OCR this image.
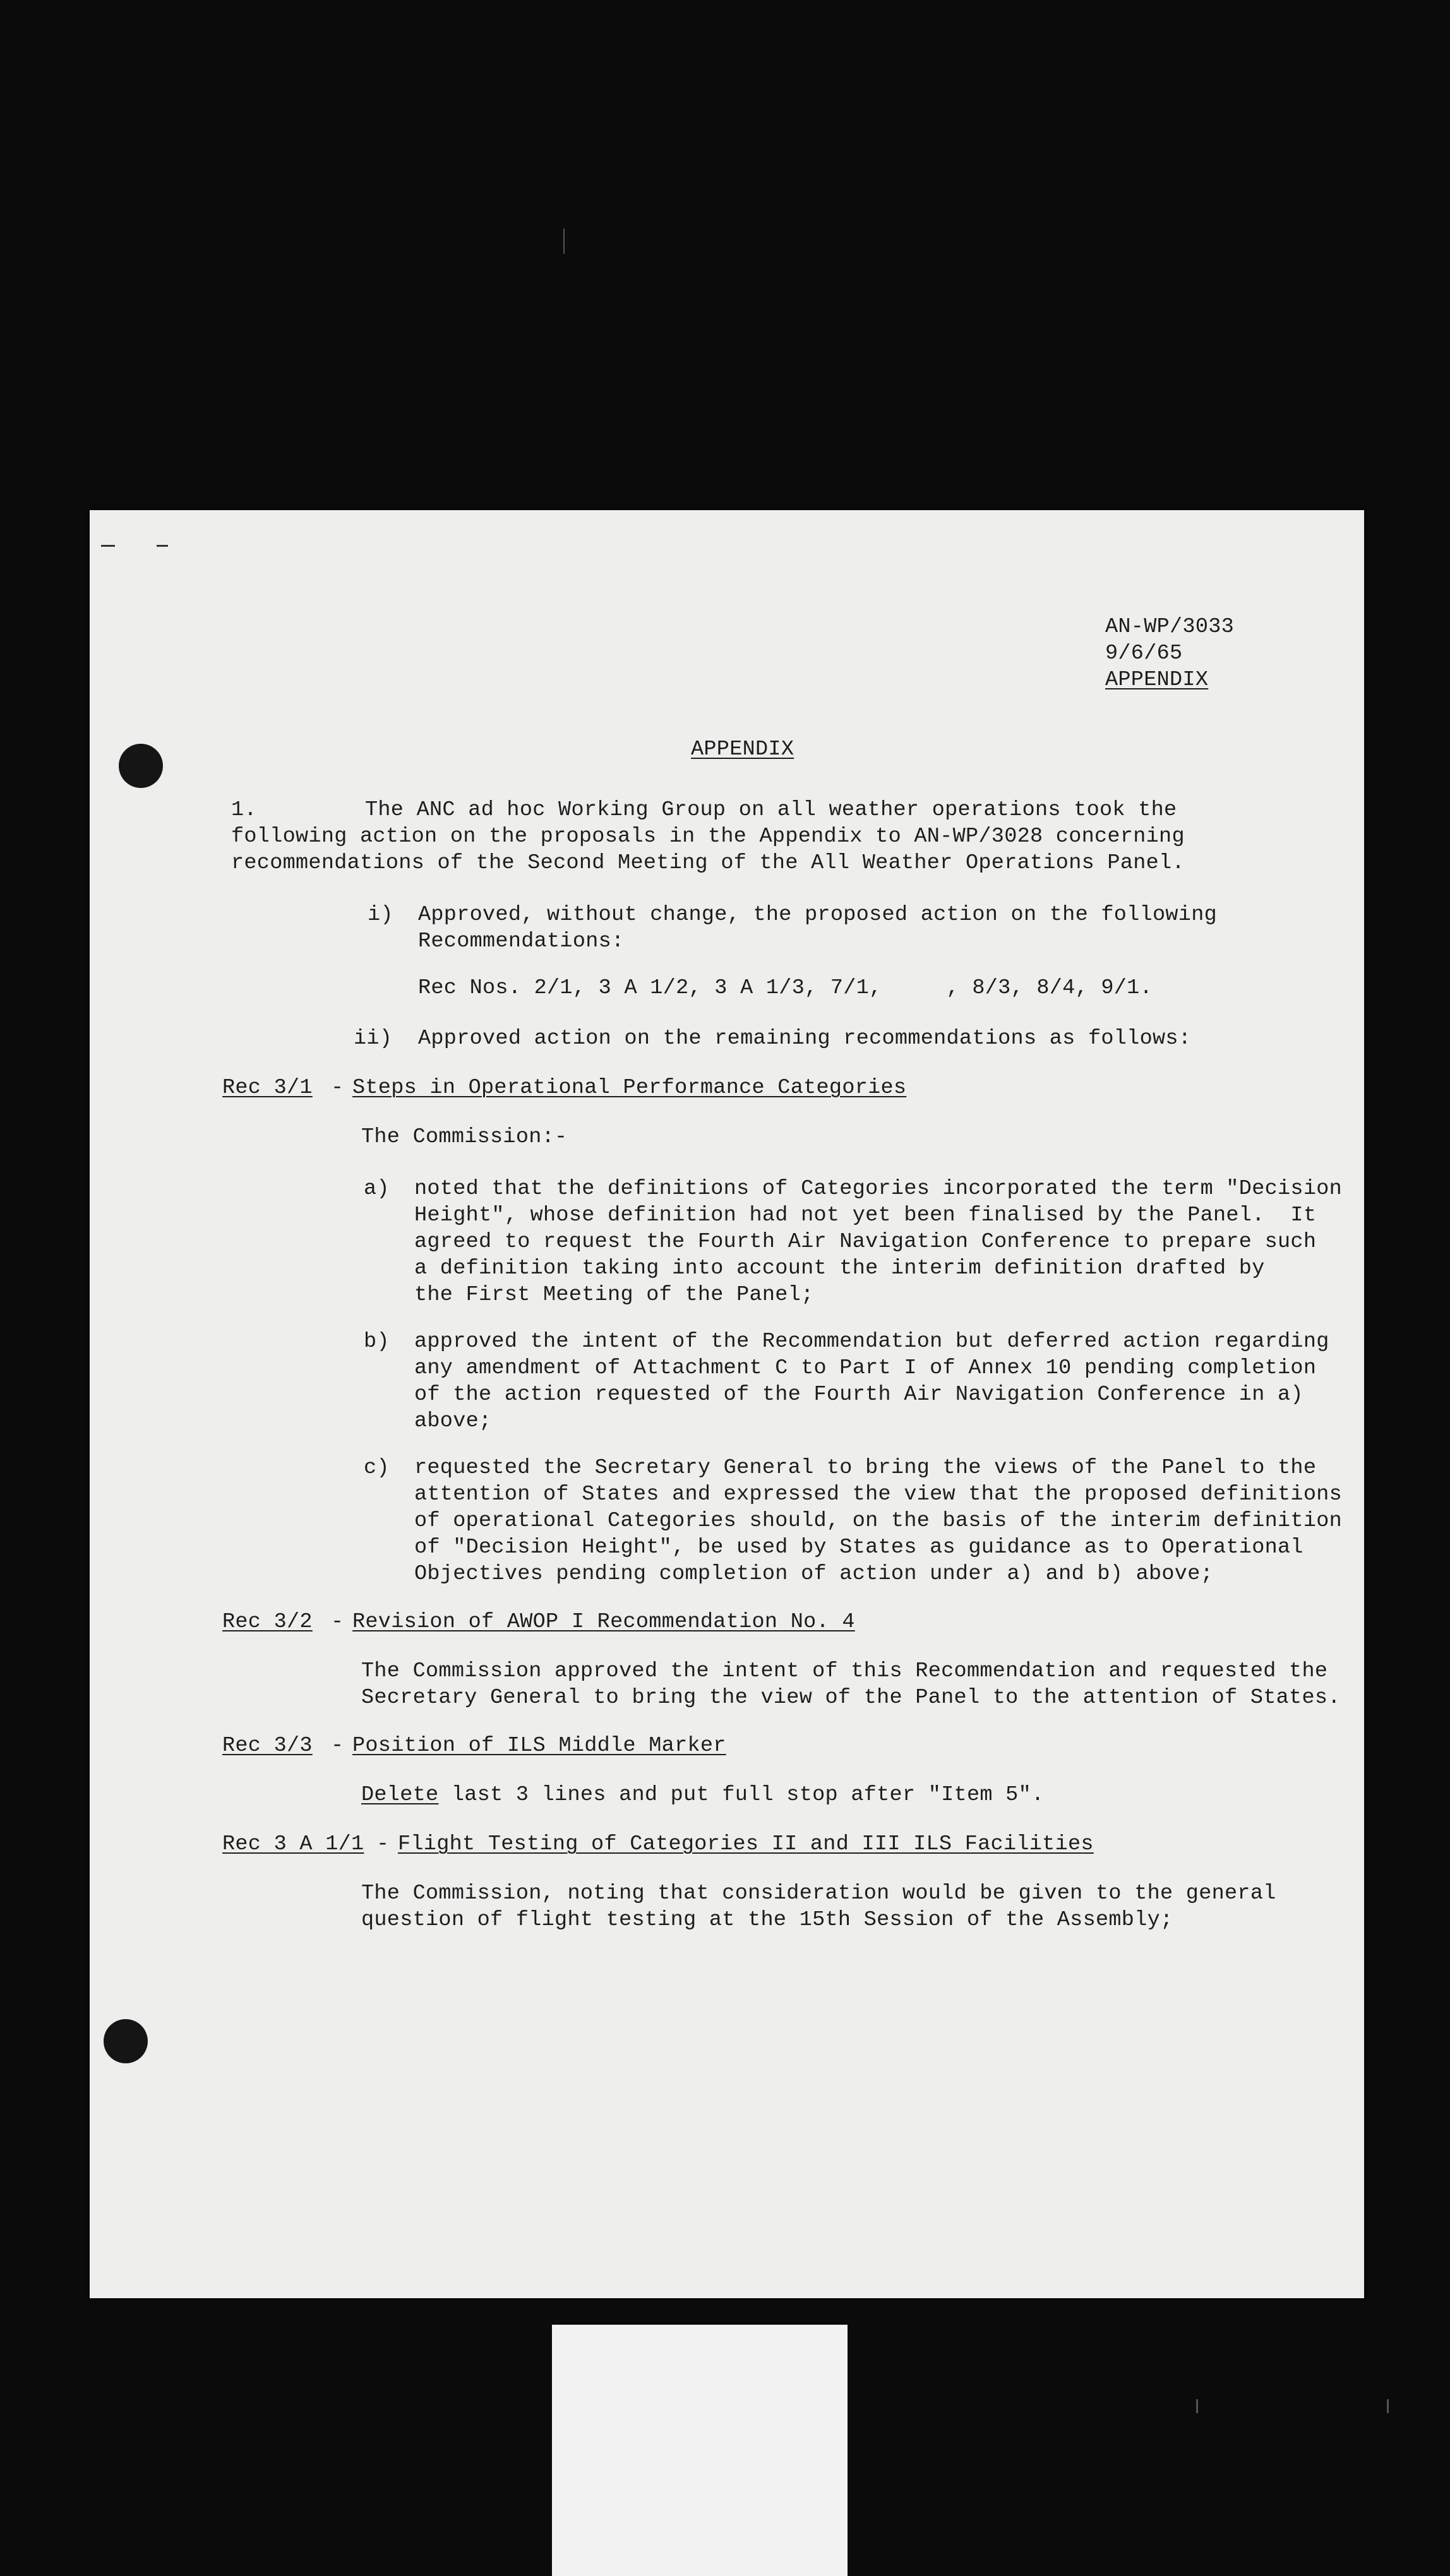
AN-WP/3033

9/6/65

APPENDIX

APPENDIX

1.	The ANC ad hoc Working Group on all weather operations took the

following action on the proposals in the Appendix to AN-WP/3028 concerning

recommendations of the Second Meeting of the All Weather Operations Panel.

i) Approved, without change, the proposed action on the following

Recommendations:

Rec Nos. 2/1, 3 A 1/2, 3 A 1/3, 7/1,     , 8/3, 8/4, 9/1.

ii) Approved action on the remaining recommendations as follows:

Rec 3/1 - Steps in Operational Performance Categories

The Commission:-

a) noted that the definitions of Categories incorporated the term "Decision

Height", whose definition had not yet been finalised by the Panel.  It

agreed to request the Fourth Air Navigation Conference to prepare such

a definition taking into account the interim definition drafted by

the First Meeting of the Panel;

b) approved the intent of the Recommendation but deferred action regarding

any amendment of Attachment C to Part I of Annex 10 pending completion

of the action requested of the Fourth Air Navigation Conference in a)

above;

c) requested the Secretary General to bring the views of the Panel to the

attention of States and expressed the view that the proposed definitions

of operational Categories should, on the basis of the interim definition

of "Decision Height", be used by States as guidance as to Operational

Objectives pending completion of action under a) and b) above;

Rec 3/2 - Revision of AWOP I Recommendation No. 4

The Commission approved the intent of this Recommendation and requested the

Secretary General to bring the view of the Panel to the attention of States.

Rec 3/3 - Position of ILS Middle Marker

Delete last 3 lines and put full stop after "Item 5".

Rec 3 A 1/1 - Flight Testing of Categories II and III ILS Facilities

The Commission, noting that consideration would be given to the general

question of flight testing at the 15th Session of the Assembly;
